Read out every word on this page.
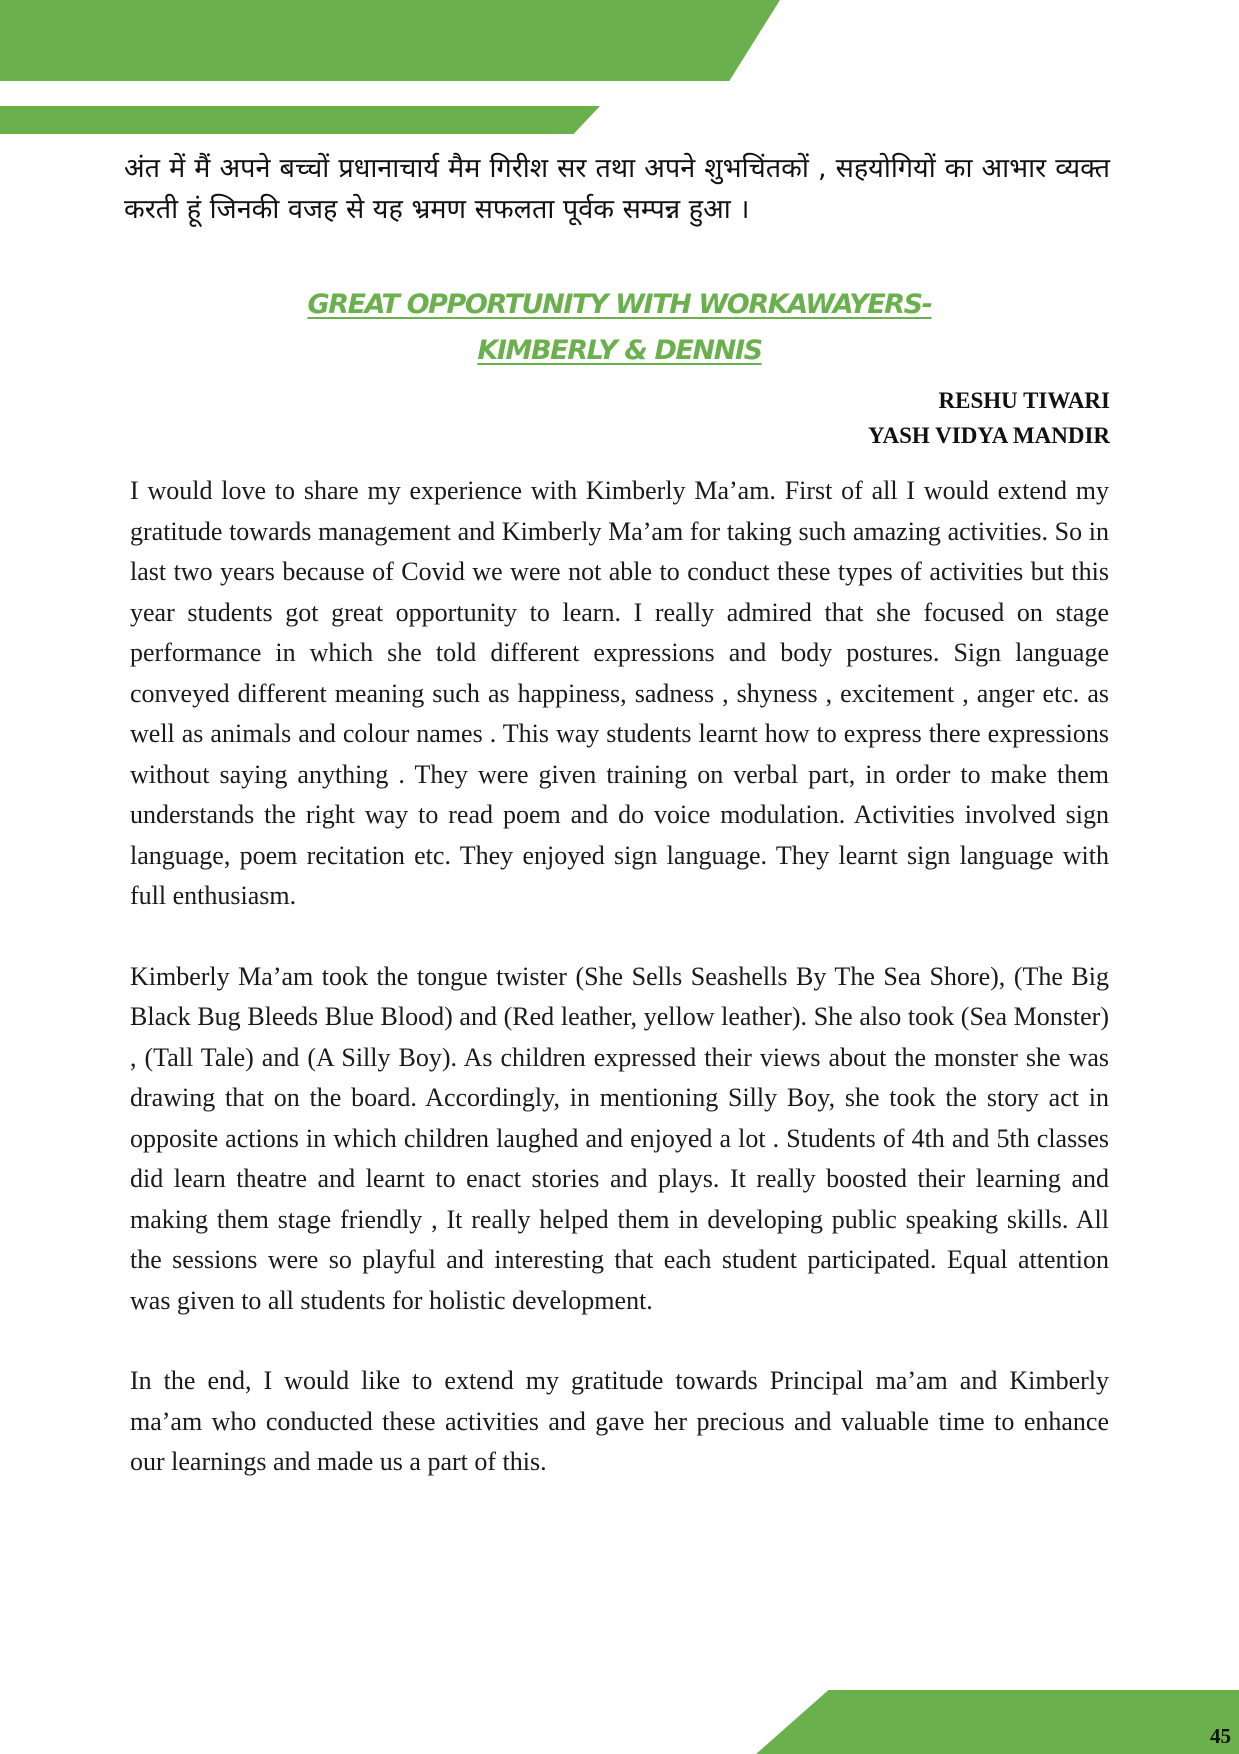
अंत में मैं अपने बच्चों प्रधानाचार्य मैम गिरीश सर तथा अपने शुभचिंतकों , सहयोगियों का आभार व्यक्त करती हूं जिनकी वजह से यह भ्रमण सफलता पूर्वक सम्पन्न हुआ ।

GREAT OPPORTUNITY WITH WORKAWAYERS-
KIMBERLY & DENNIS
RESHU TIWARI
YASH VIDYA MANDIR

I would love to share my experience with Kimberly Ma’am. First of all I would extend my gratitude towards management and Kimberly Ma’am for taking such amazing activities. So in last two years because of Covid we were not able to conduct these types of activities but this year students got great opportunity to learn. I really admired that she focused on stage performance in which she told different expressions and body postures. Sign language conveyed different meaning such as happiness, sadness , shyness , excitement , anger etc. as well as animals and colour names . This way students learnt how to express there expressions without saying anything . They were given training on verbal part, in order to make them understands the right way to read poem and do voice modulation. Activities involved sign language, poem recitation etc. They enjoyed sign language. They learnt sign language with full enthusiasm.

Kimberly Ma’am took the tongue twister (She Sells Seashells By The Sea Shore), (The Big Black Bug Bleeds Blue Blood) and (Red leather, yellow leather). She also took (Sea Monster) , (Tall Tale) and (A Silly Boy). As children expressed their views about the monster she was drawing that on the board. Accordingly, in mentioning Silly Boy, she took the story act in opposite actions in which children laughed and enjoyed a lot . Students of 4th and 5th classes did learn theatre and learnt to enact stories and plays. It really boosted their learning and making them stage friendly , It really helped them in developing public speaking skills. All the sessions were so playful and interesting that each student participated. Equal attention was given to all students for holistic development.

In the end, I would like to extend my gratitude towards Principal ma’am and Kimberly ma’am who conducted these activities and gave her precious and valuable time to enhance our learnings and made us a part of this.

45
